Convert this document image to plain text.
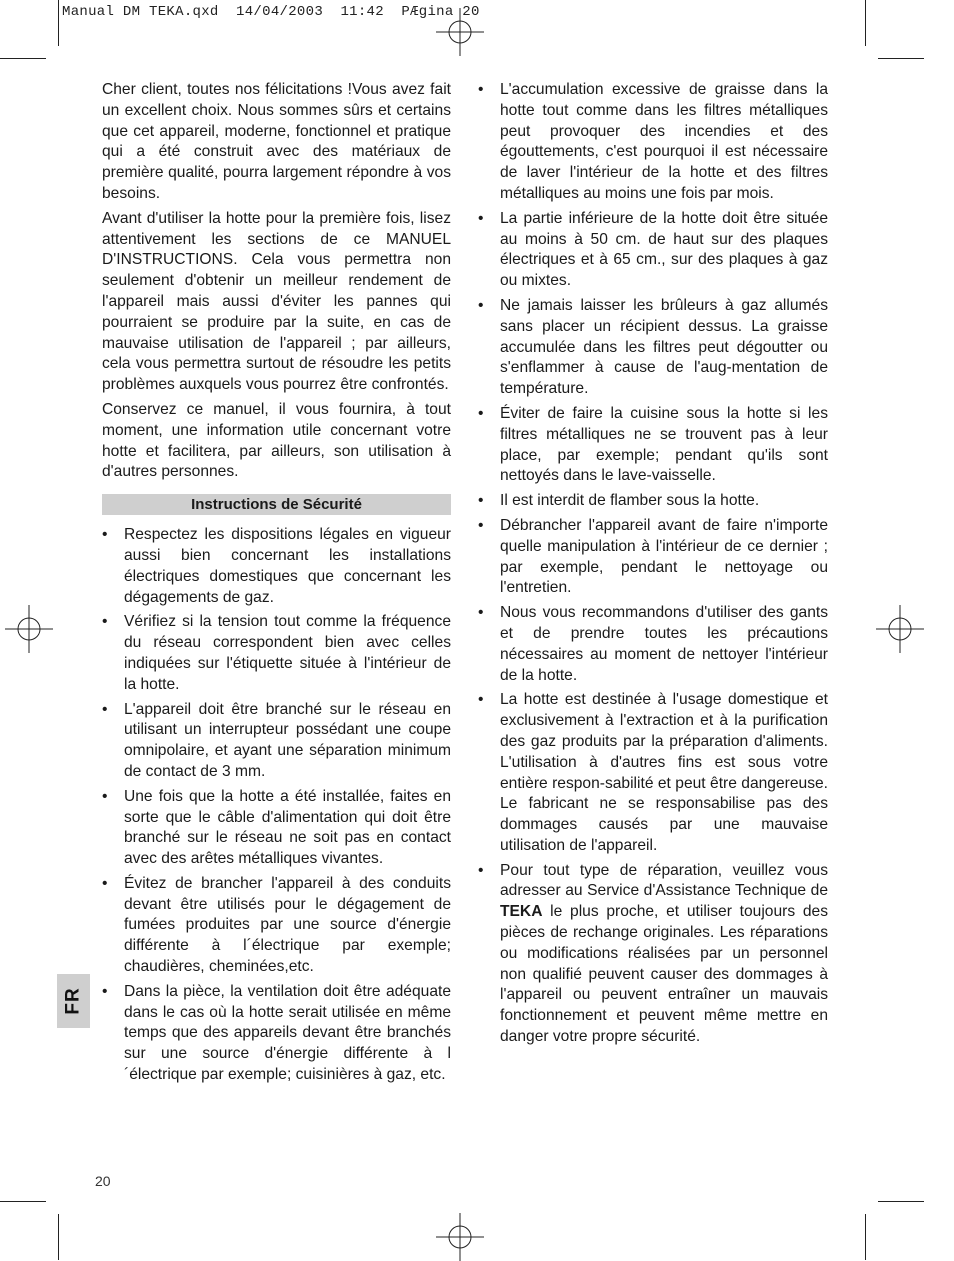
Manual DM TEKA.qxd  14/04/2003  11:42  PÆgina 20

Cher client, toutes nos félicitations !Vous avez fait un excellent choix. Nous sommes sûrs et certains que cet appareil, moderne, fonctionnel et pratique qui a été construit avec des matériaux de première qualité, pourra largement répondre à vos besoins.

Avant d'utiliser la hotte pour la première fois, lisez attentivement les sections de ce MANUEL D'INSTRUCTIONS. Cela vous permettra non seulement d'obtenir un meilleur rendement de l'appareil mais aussi d'éviter les pannes qui pourraient se produire par la suite, en cas de mauvaise utilisation de l'appareil ; par ailleurs, cela vous permettra surtout de résoudre les petits problèmes auxquels vous pourrez être confrontés.

Conservez ce manuel, il vous fournira, à tout moment, une information utile concernant votre hotte et facilitera, par ailleurs, son utilisation à d'autres personnes.

Instructions de Sécurité
• Respectez les dispositions légales en vigueur aussi bien concernant les installations électriques domestiques que concernant les dégagements de gaz.
• Vérifiez si la tension tout comme la fréquence du réseau correspondent bien avec celles indiquées sur l'étiquette située à l'intérieur de la hotte.
• L'appareil doit être branché sur le réseau en utilisant un interrupteur possédant une coupe omnipolaire, et ayant une séparation minimum de contact de 3 mm.
• Une fois que la hotte a été installée, faites en sorte que le câble d'alimentation qui doit être branché sur le réseau ne soit pas en contact avec des arêtes métalliques vivantes.
• Évitez de brancher l'appareil à des conduits devant être utilisés pour le dégagement de fumées produites par une source d'énergie différente à l´électrique par exemple; chaudières, cheminées,etc.
• Dans la pièce, la ventilation doit être adéquate dans le cas où la hotte serait utilisée en même temps que des appareils devant être branchés sur une source d'énergie différente à l´électrique par exemple; cuisinières à gaz, etc.
• L'accumulation excessive de graisse dans la hotte tout comme dans les filtres métalliques peut provoquer des incendies et des égouttements, c'est pourquoi il est nécessaire de laver l'intérieur de la hotte et des filtres métalliques au moins une fois par mois.
• La partie inférieure de la hotte doit être située au moins à 50 cm. de haut sur des plaques électriques et à 65 cm., sur des plaques à gaz ou mixtes.
• Ne jamais laisser les brûleurs à gaz allumés sans placer un récipient dessus. La graisse accumulée dans les filtres peut dégoutter ou s'enflammer à cause de l'aug-mentation de température.
• Éviter de faire la cuisine sous la hotte si les filtres métalliques ne se trouvent pas à leur place, par exemple; pendant qu'ils sont nettoyés dans le lave-vaisselle.
• Il est interdit de flamber sous la hotte.
• Débrancher l'appareil avant de faire n'importe quelle manipulation à l'intérieur de ce dernier ; par exemple, pendant le nettoyage ou l'entretien.
• Nous vous recommandons d'utiliser des gants et de prendre toutes les précautions nécessaires au moment de nettoyer l'intérieur de la hotte.
• La hotte est destinée à l'usage domestique et exclusivement à l'extraction et à la purification des gaz produits par la préparation d'aliments. L'utilisation à d'autres fins est sous votre entière respon-sabilité et peut être dangereuse. Le fabricant ne se responsabilise pas des dommages causés par une mauvaise utilisation de l'appareil.
• Pour tout type de réparation, veuillez vous adresser au Service d'Assistance Technique de TEKA le plus proche, et utiliser toujours des pièces de rechange originales. Les réparations ou modifications réalisées par un personnel non qualifié peuvent causer des dommages à l'appareil ou peuvent entraîner un mauvais fonctionnement et peuvent même mettre en danger votre propre sécurité.
FR
20
